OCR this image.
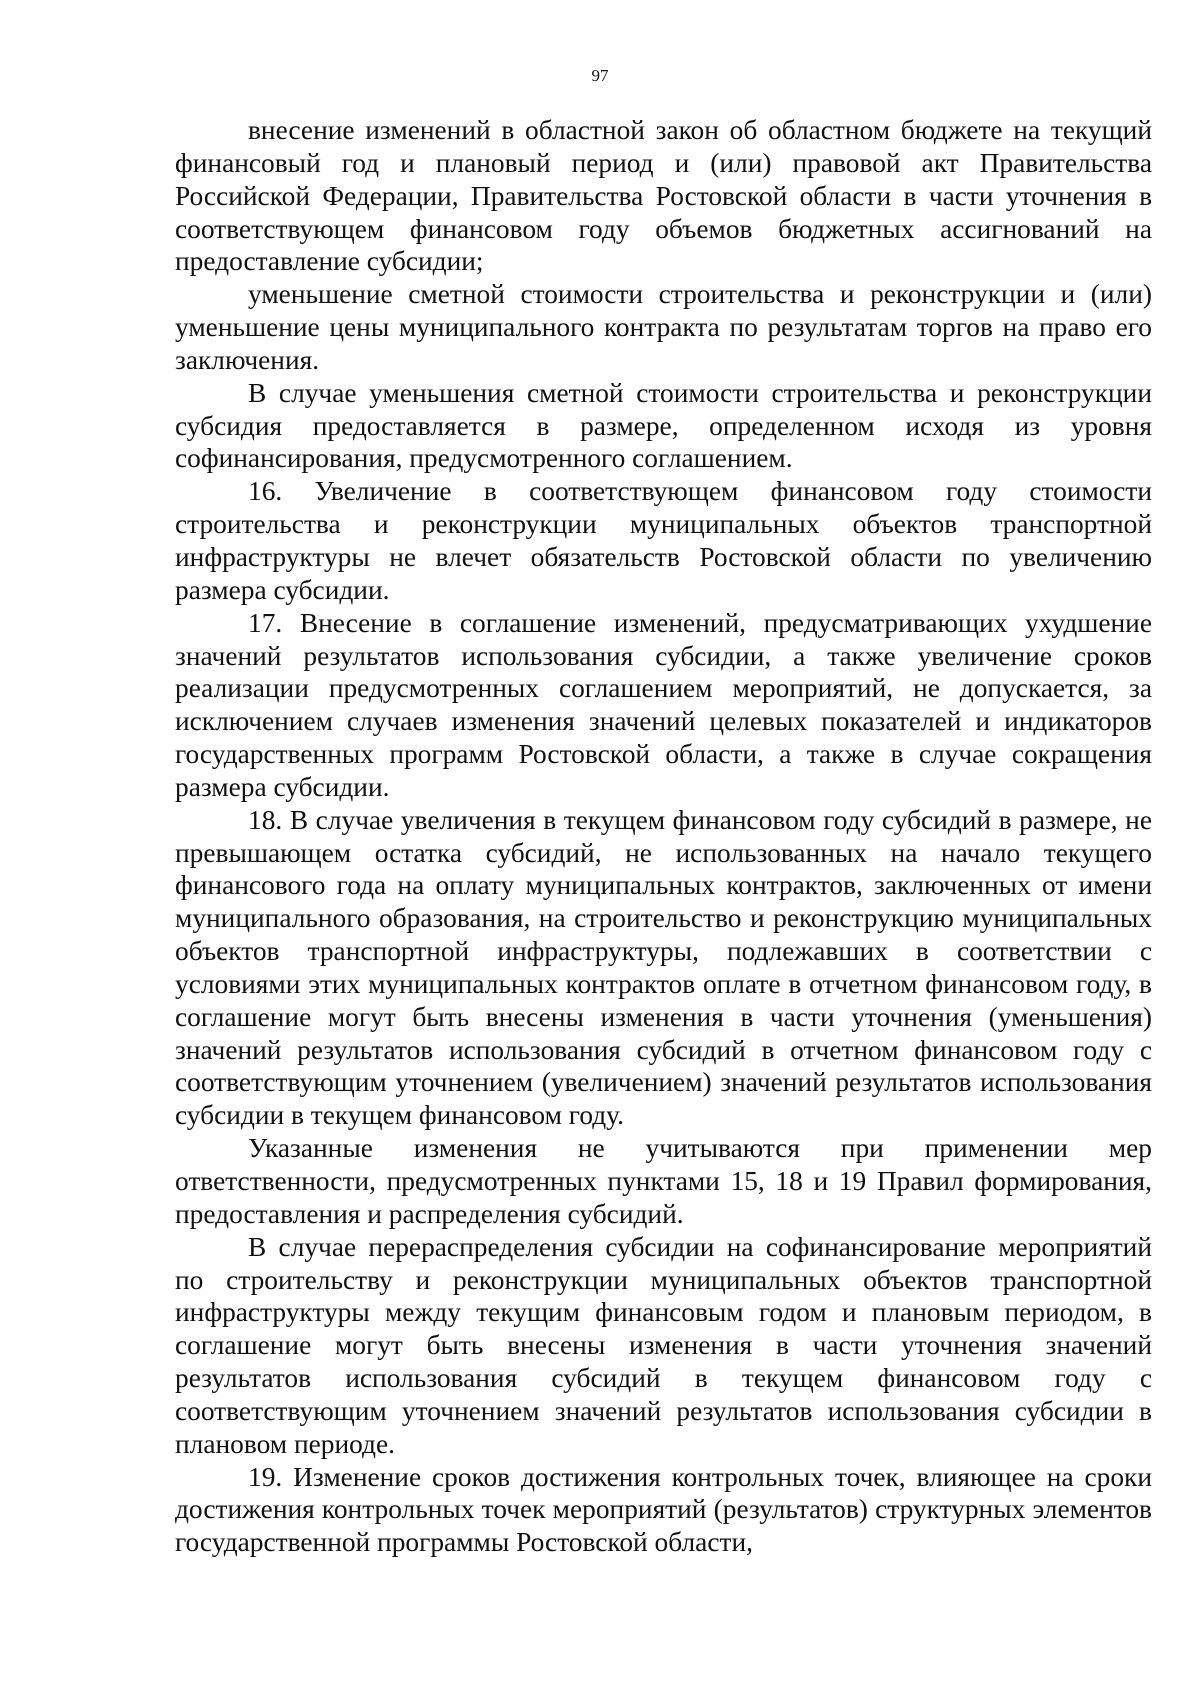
97

внесение изменений в областной закон об областном бюджете на текущий финансовый год и плановый период и (или) правовой акт Правительства Российской Федерации, Правительства Ростовской области в части уточнения в соответствующем финансовом году объемов бюджетных ассигнований на предоставление субсидии;

уменьшение сметной стоимости строительства и реконструкции и (или) уменьшение цены муниципального контракта по результатам торгов на право его заключения.

В случае уменьшения сметной стоимости строительства и реконструкции субсидия предоставляется в размере, определенном исходя из уровня софинансирования, предусмотренного соглашением.

16. Увеличение в соответствующем финансовом году стоимости строительства и реконструкции муниципальных объектов транспортной инфраструктуры не влечет обязательств Ростовской области по увеличению размера субсидии.

17. Внесение в соглашение изменений, предусматривающих ухудшение значений результатов использования субсидии, а также увеличение сроков реализации предусмотренных соглашением мероприятий, не допускается, за исключением случаев изменения значений целевых показателей и индикаторов государственных программ Ростовской области, а также в случае сокращения размера субсидии.

18. В случае увеличения в текущем финансовом году субсидий в размере, не превышающем остатка субсидий, не использованных на начало текущего финансового года на оплату муниципальных контрактов, заключенных от имени муниципального образования, на строительство и реконструкцию муниципальных объектов транспортной инфраструктуры, подлежавших в соответствии с условиями этих муниципальных контрактов оплате в отчетном финансовом году, в соглашение могут быть внесены изменения в части уточнения (уменьшения) значений результатов использования субсидий в отчетном финансовом году с соответствующим уточнением (увеличением) значений результатов использования субсидии в текущем финансовом году.

Указанные изменения не учитываются при применении мер ответственности, предусмотренных пунктами 15, 18 и 19 Правил формирования, предоставления и распределения субсидий.

В случае перераспределения субсидии на софинансирование мероприятий по строительству и реконструкции муниципальных объектов транспортной инфраструктуры между текущим финансовым годом и плановым периодом, в соглашение могут быть внесены изменения в части уточнения значений результатов использования субсидий в текущем финансовом году с соответствующим уточнением значений результатов использования субсидии в плановом периоде.

19. Изменение сроков достижения контрольных точек, влияющее на сроки достижения контрольных точек мероприятий (результатов) структурных элементов государственной программы Ростовской области,
